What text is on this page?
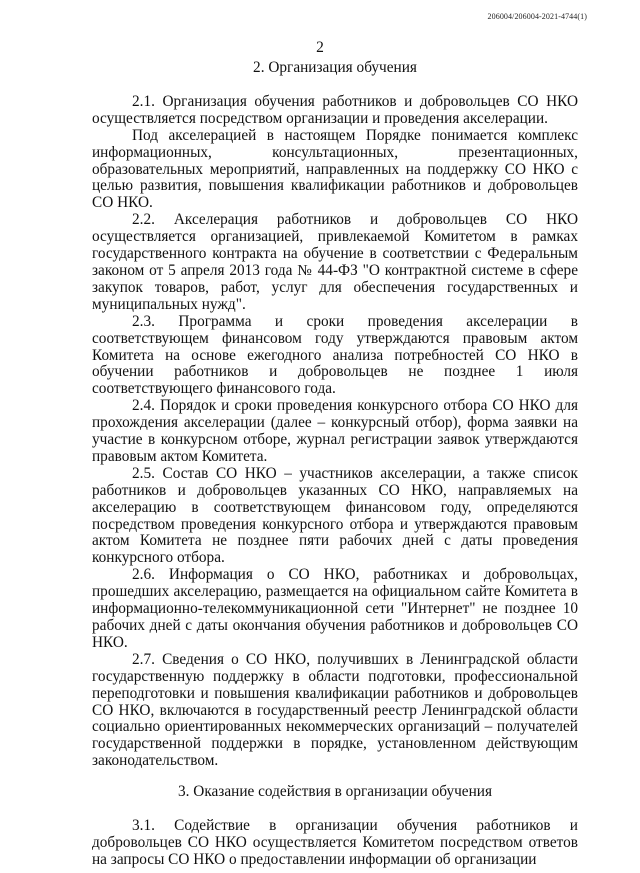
206004/206004-2021-4744(1)
2
2. Организация обучения

2.1. Организация обучения работников и добровольцев СО НКО осуществляется посредством организации и проведения акселерации.

Под акселерацией в настоящем Порядке понимается комплекс информационных, консультационных, презентационных, образовательных мероприятий, направленных на поддержку СО НКО с целью развития, повышения квалификации работников и добровольцев СО НКО.

2.2. Акселерация работников и добровольцев СО НКО осуществляется организацией, привлекаемой Комитетом в рамках государственного контракта на обучение в соответствии с Федеральным законом от 5 апреля 2013 года № 44-ФЗ "О контрактной системе в сфере закупок товаров, работ, услуг для обеспечения государственных и муниципальных нужд".

2.3. Программа и сроки проведения акселерации в соответствующем финансовом году утверждаются правовым актом Комитета на основе ежегодного анализа потребностей СО НКО в обучении работников и добровольцев не позднее 1 июля соответствующего финансового года.

2.4. Порядок и сроки проведения конкурсного отбора СО НКО для прохождения акселерации (далее – конкурсный отбор), форма заявки на участие в конкурсном отборе, журнал регистрации заявок утверждаются правовым актом Комитета.

2.5. Состав СО НКО – участников акселерации, а также список работников и добровольцев указанных СО НКО, направляемых на акселерацию в соответствующем финансовом году, определяются посредством проведения конкурсного отбора и утверждаются правовым актом Комитета не позднее пяти рабочих дней с даты проведения конкурсного отбора.

2.6. Информация о СО НКО, работниках и добровольцах, прошедших акселерацию, размещается на официальном сайте Комитета в информационно-телекоммуникационной сети "Интернет" не позднее 10 рабочих дней с даты окончания обучения работников и добровольцев СО НКО.

2.7. Сведения о СО НКО, получивших в Ленинградской области государственную поддержку в области подготовки, профессиональной переподготовки и повышения квалификации работников и добровольцев СО НКО, включаются в государственный реестр Ленинградской области социально ориентированных некоммерческих организаций – получателей государственной поддержки в порядке, установленном действующим законодательством.

3. Оказание содействия в организации обучения

3.1. Содействие в организации обучения работников и добровольцев СО НКО осуществляется Комитетом посредством ответов на запросы СО НКО о предоставлении информации об организации
